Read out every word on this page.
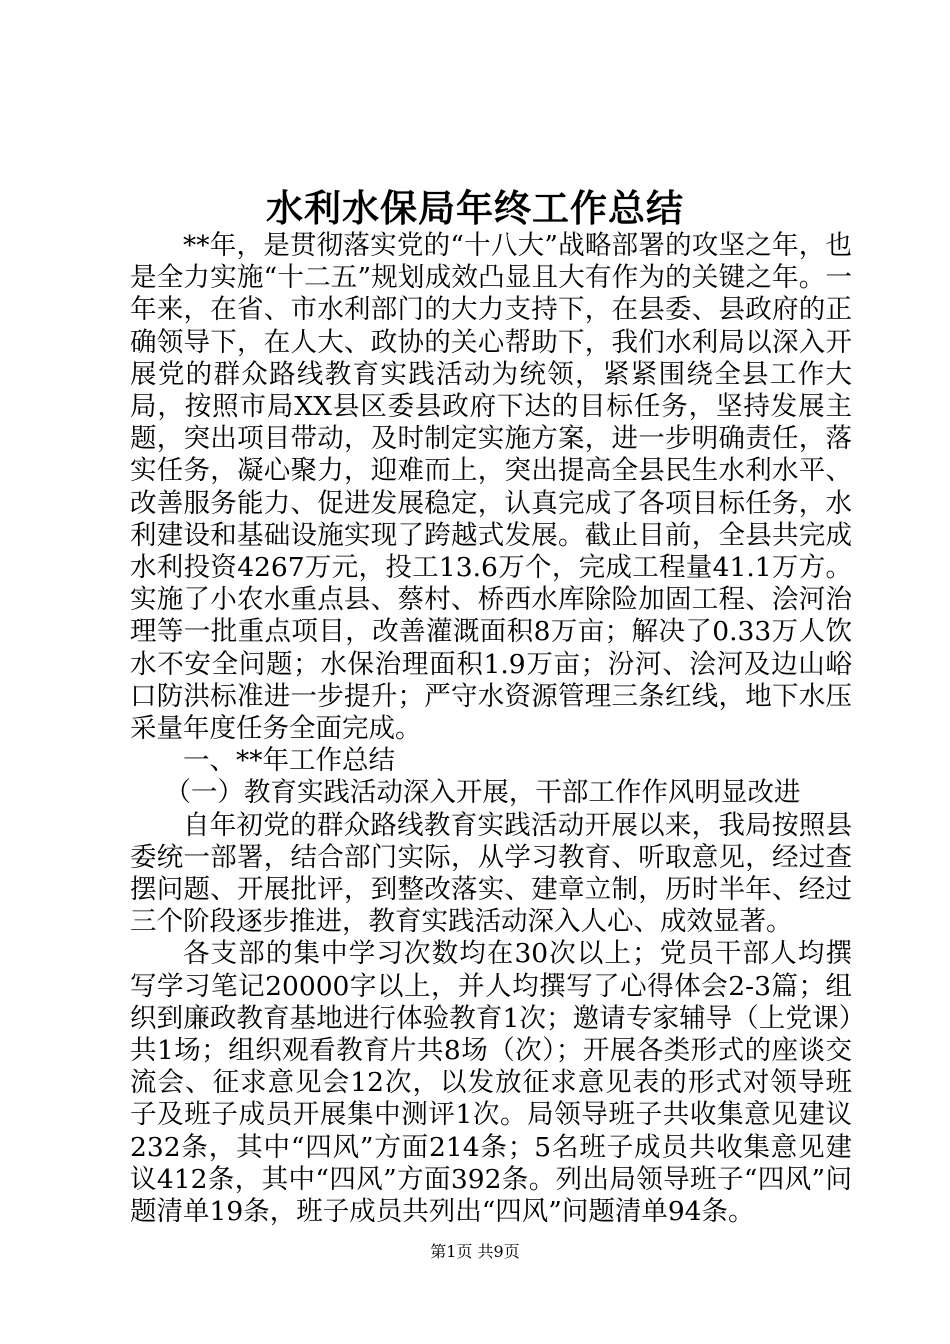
水利水保局年终工作总结

**年，是贯彻落实党的“十八大”战略部署的攻坚之年，也是全力实施“十二五”规划成效凸显且大有作为的关键之年。一年来，在省、市水利部门的大力支持下，在县委、县政府的正确领导下，在人大、政协的关心帮助下，我们水利局以深入开展党的群众路线教育实践活动为统领，紧紧围绕全县工作大局，按照市局XX县区委县政府下达的目标任务，坚持发展主题，突出项目带动，及时制定实施方案，进一步明确责任，落实任务，凝心聚力，迎难而上，突出提高全县民生水利水平、改善服务能力、促进发展稳定，认真完成了各项目标任务，水利建设和基础设施实现了跨越式发展。截止目前，全县共完成水利投资4267万元，投工13.6万个，完成工程量41.1万方。实施了小农水重点县、蔡村、桥西水库除险加固工程、浍河治理等一批重点项目，改善灌溉面积8万亩；解决了0.33万人饮水不安全问题；水保治理面积1.9万亩；汾河、浍河及边山峪口防洪标准进一步提升；严守水资源管理三条红线，地下水压采量年度任务全面完成。

一、**年工作总结

（一）教育实践活动深入开展，干部工作作风明显改进

自年初党的群众路线教育实践活动开展以来，我局按照县委统一部署，结合部门实际，从学习教育、听取意见，经过查摆问题、开展批评，到整改落实、建章立制，历时半年、经过三个阶段逐步推进，教育实践活动深入人心、成效显著。

各支部的集中学习次数均在30次以上；党员干部人均撰写学习笔记20000字以上，并人均撰写了心得体会2-3篇；组织到廉政教育基地进行体验教育1次；邀请专家辅导（上党课）共1场；组织观看教育片共8场（次）；开展各类形式的座谈交流会、征求意见会12次，以发放征求意见表的形式对领导班子及班子成员开展集中测评1次。局领导班子共收集意见建议232条，其中“四风”方面214条；5名班子成员共收集意见建议412条，其中“四风”方面392条。列出局领导班子“四风”问题清单19条，班子成员共列出“四风”问题清单94条。

第1页 共9页
